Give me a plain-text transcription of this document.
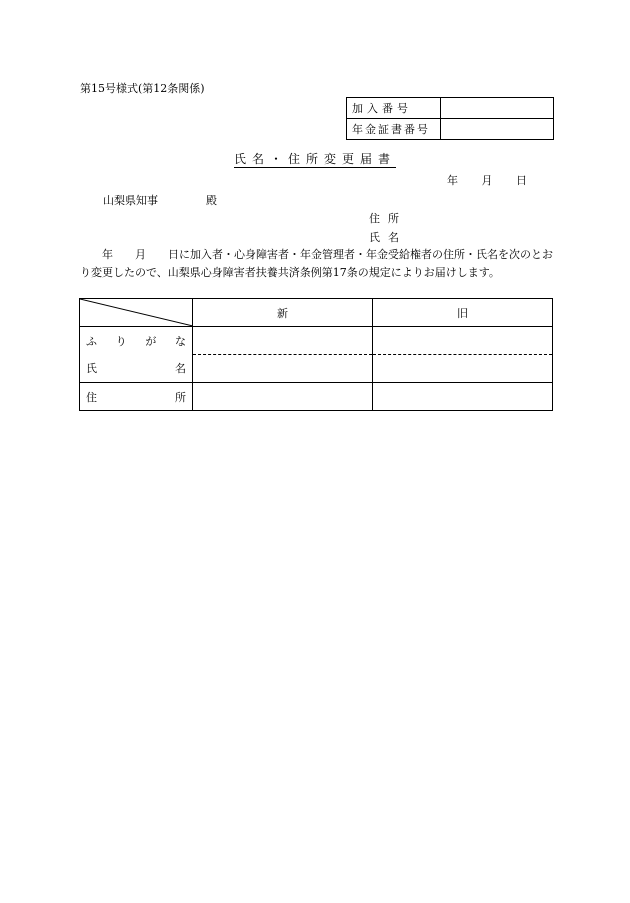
第15号様式(第12条関係)
加入番号	
年金証書番号	
氏名・住所変更届書
年 月 日
山梨県知事	殿
住所
氏名
年　　月　　日に加入者・心身障害者・年金管理者・年金受給権者の住所・氏名を次のとおり変更したので、山梨県心身障害者扶養共済条例第17条の規定によりお届けします。
	新	旧

ふ り が な		

氏 名		

住 所		
